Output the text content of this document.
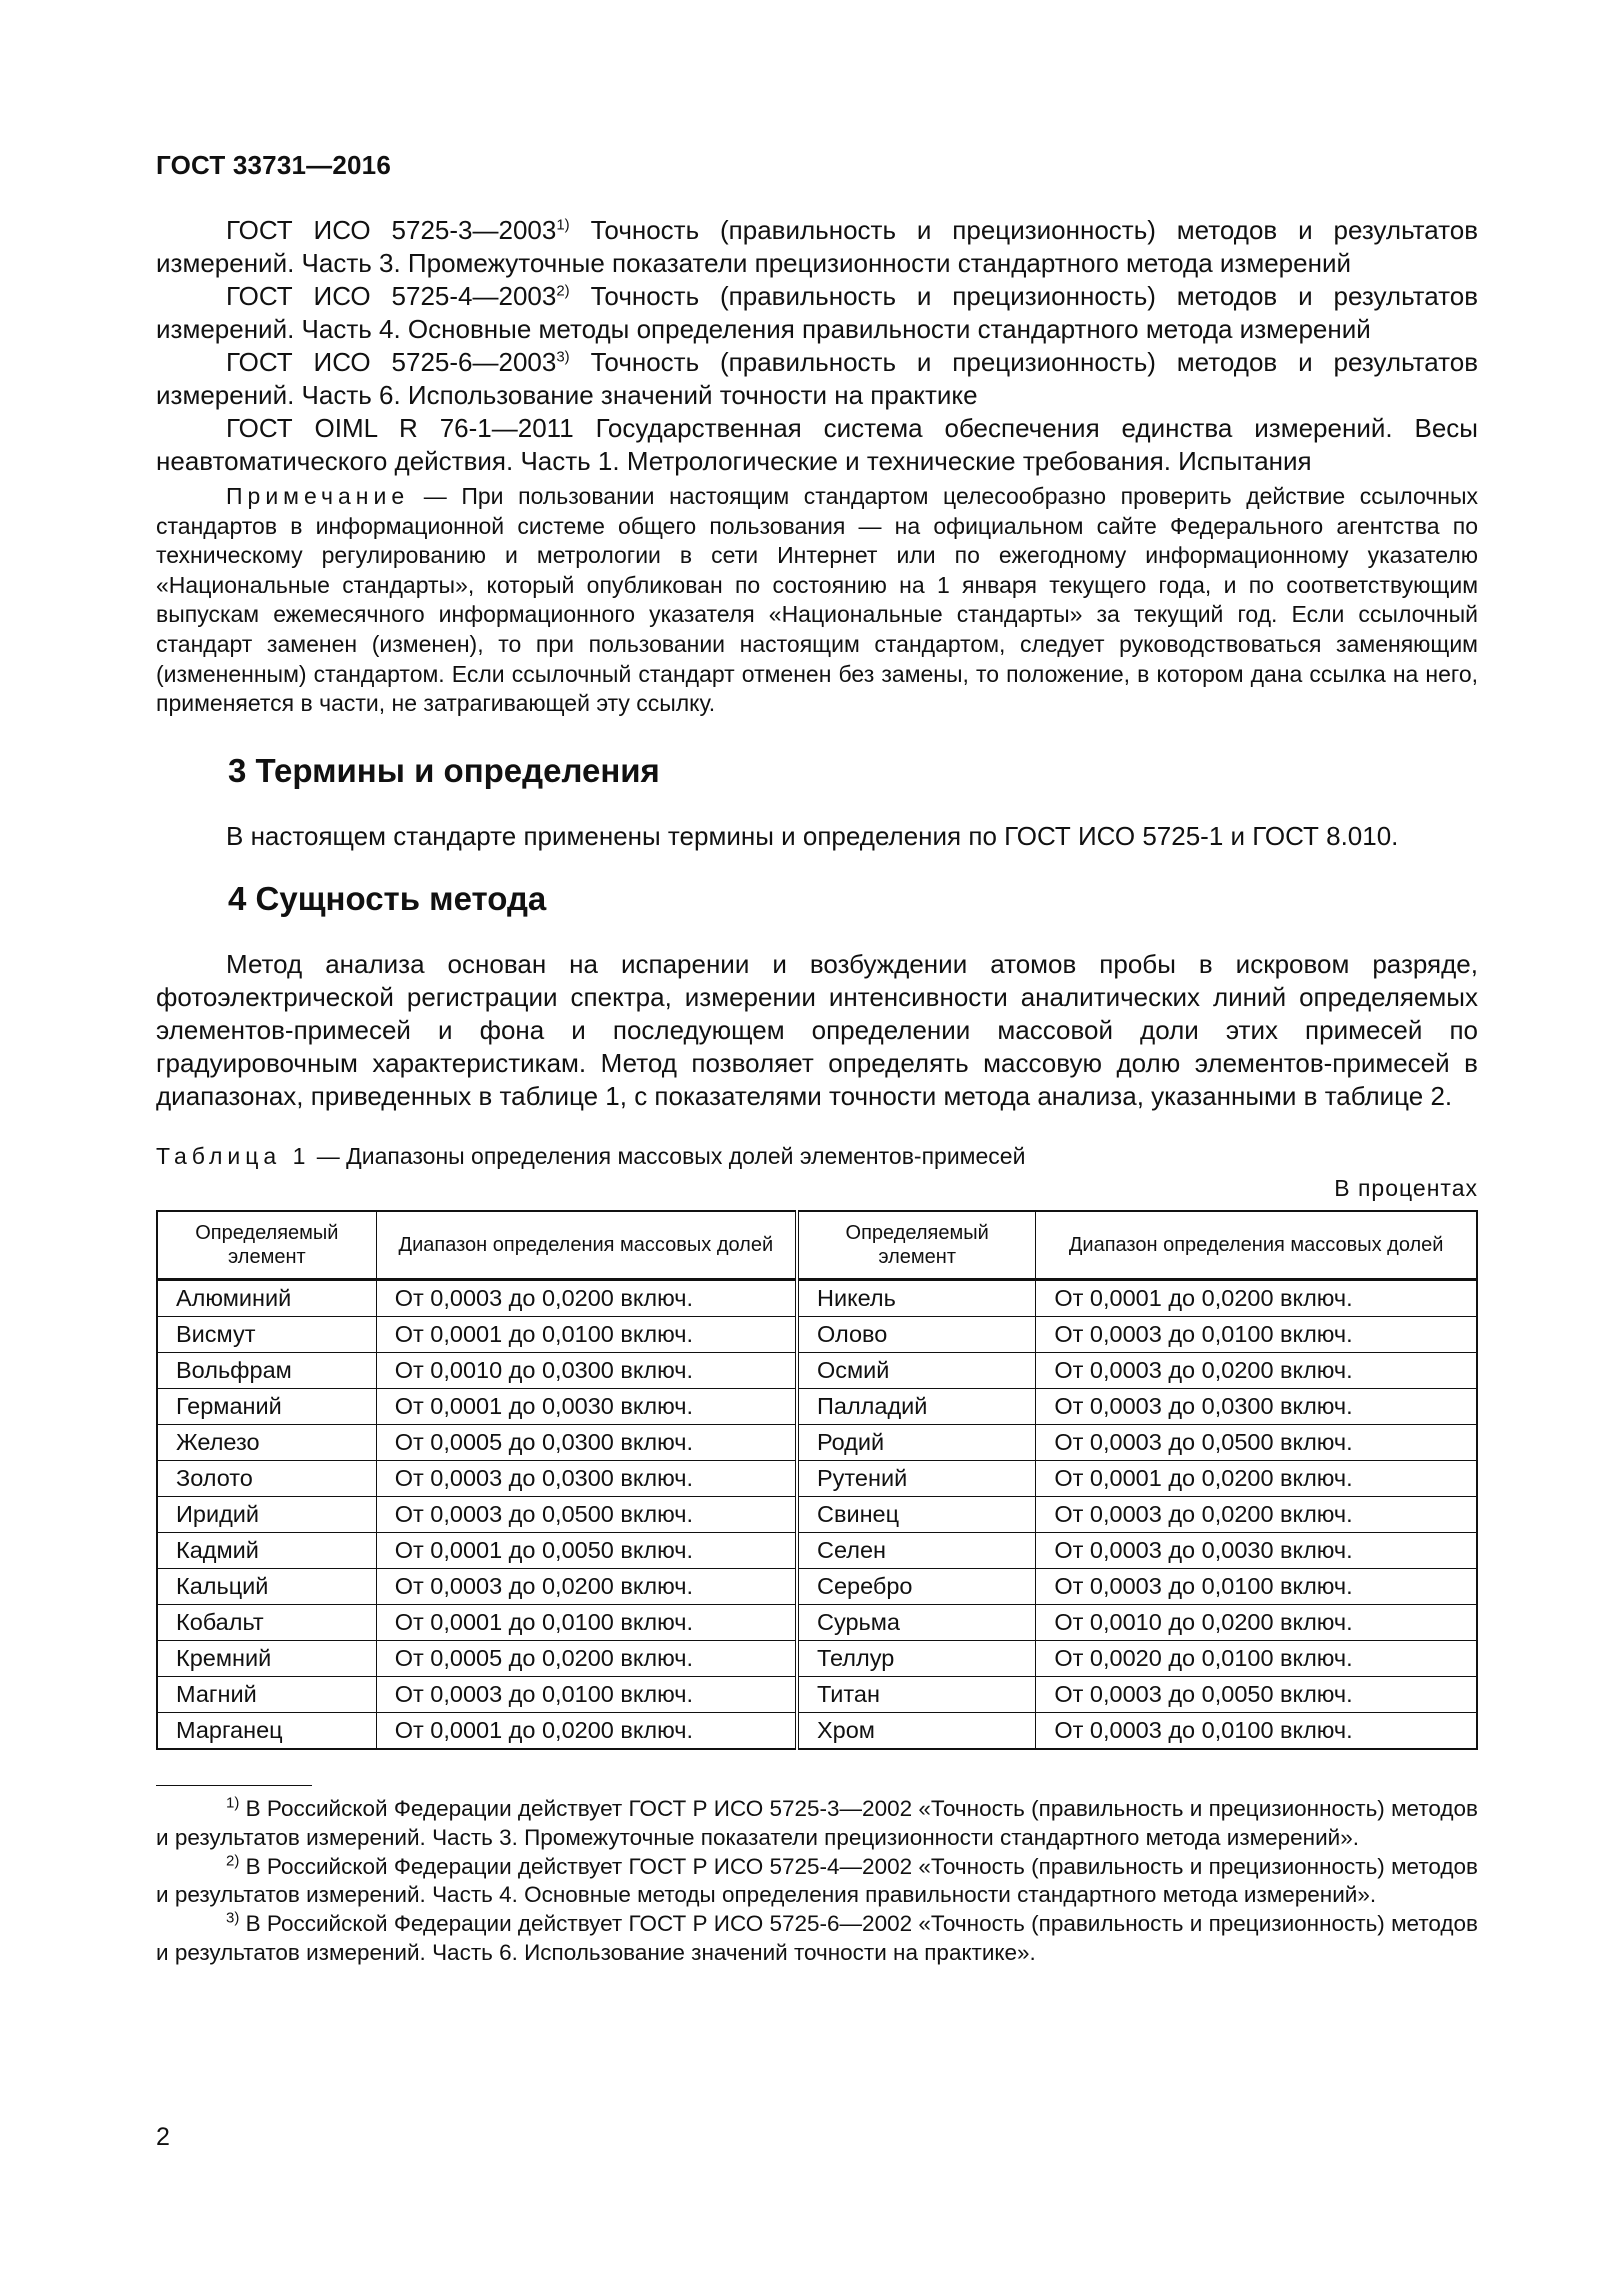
ГОСТ 33731—2016

ГОСТ ИСО 5725-3—2003$^{1)}$ Точность (правильность и прецизионность) методов и результатов измерений. Часть 3. Промежуточные показатели прецизионности стандартного метода измерений

ГОСТ ИСО 5725-4—2003$^{2)}$ Точность (правильность и прецизионность) методов и результатов измерений. Часть 4. Основные методы определения правильности стандартного метода измерений

ГОСТ ИСО 5725-6—2003$^{3)}$ Точность (правильность и прецизионность) методов и результатов измерений. Часть 6. Использование значений точности на практике

ГОСТ OIML R 76-1—2011 Государственная система обеспечения единства измерений. Весы неавтоматического действия. Часть 1. Метрологические и технические требования. Испытания

Примечание — При пользовании настоящим стандартом целесообразно проверить действие ссылочных стандартов в информационной системе общего пользования — на официальном сайте Федерального агентства по техническому регулированию и метрологии в сети Интернет или по ежегодному информационному указателю «Национальные стандарты», который опубликован по состоянию на 1 января текущего года, и по соответствующим выпускам ежемесячного информационного указателя «Национальные стандарты» за текущий год. Если ссылочный стандарт заменен (изменен), то при пользовании настоящим стандартом, следует руководствоваться заменяющим (измененным) стандартом. Если ссылочный стандарт отменен без замены, то положение, в котором дана ссылка на него, применяется в части, не затрагивающей эту ссылку.
3 Термины и определения

В настоящем стандарте применены термины и определения по ГОСТ ИСО 5725-1 и ГОСТ 8.010.

4 Сущность метода

Метод анализа основан на испарении и возбуждении атомов пробы в искровом разряде, фотоэлектрической регистрации спектра, измерении интенсивности аналитических линий определяемых элементов-примесей и фона и последующем определении массовой доли этих примесей по градуировочным характеристикам. Метод позволяет определять массовую долю элементов-примесей в диапазонах, приведенных в таблице 1, с показателями точности метода анализа, указанными в таблице 2.

Таблица 1 — Диапазоны определения массовых долей элементов-примесей
В процентах
Определяемый элемент	Диапазон определения массовых долей	Определяемый элемент	Диапазон определения массовых долей
Алюминий	От 0,0003 до 0,0200 включ.	Никель	От 0,0001 до 0,0200 включ.
Висмут	От 0,0001 до 0,0100 включ.	Олово	От 0,0003 до 0,0100 включ.
Вольфрам	От 0,0010 до 0,0300 включ.	Осмий	От 0,0003 до 0,0200 включ.
Германий	От 0,0001 до 0,0030 включ.	Палладий	От 0,0003 до 0,0300 включ.
Железо	От 0,0005 до 0,0300 включ.	Родий	От 0,0003 до 0,0500 включ.
Золото	От 0,0003 до 0,0300 включ.	Рутений	От 0,0001 до 0,0200 включ.
Иридий	От 0,0003 до 0,0500 включ.	Свинец	От 0,0003 до 0,0200 включ.
Кадмий	От 0,0001 до 0,0050 включ.	Селен	От 0,0003 до 0,0030 включ.
Кальций	От 0,0003 до 0,0200 включ.	Серебро	От 0,0003 до 0,0100 включ.
Кобальт	От 0,0001 до 0,0100 включ.	Сурьма	От 0,0010 до 0,0200 включ.
Кремний	От 0,0005 до 0,0200 включ.	Теллур	От 0,0020 до 0,0100 включ.
Магний	От 0,0003 до 0,0100 включ.	Титан	От 0,0003 до 0,0050 включ.
Марганец	От 0,0001 до 0,0200 включ.	Хром	От 0,0003 до 0,0100 включ.

$^{1)}$ В Российской Федерации действует ГОСТ Р ИСО 5725-3—2002 «Точность (правильность и прецизионность) методов и результатов измерений. Часть 3. Промежуточные показатели прецизионности стандартного метода измерений».

$^{2)}$ В Российской Федерации действует ГОСТ Р ИСО 5725-4—2002 «Точность (правильность и прецизионность) методов и результатов измерений. Часть 4. Основные методы определения правильности стандартного метода измерений».

$^{3)}$ В Российской Федерации действует ГОСТ Р ИСО 5725-6—2002 «Точность (правильность и прецизионность) методов и результатов измерений. Часть 6. Использование значений точности на практике».

2
